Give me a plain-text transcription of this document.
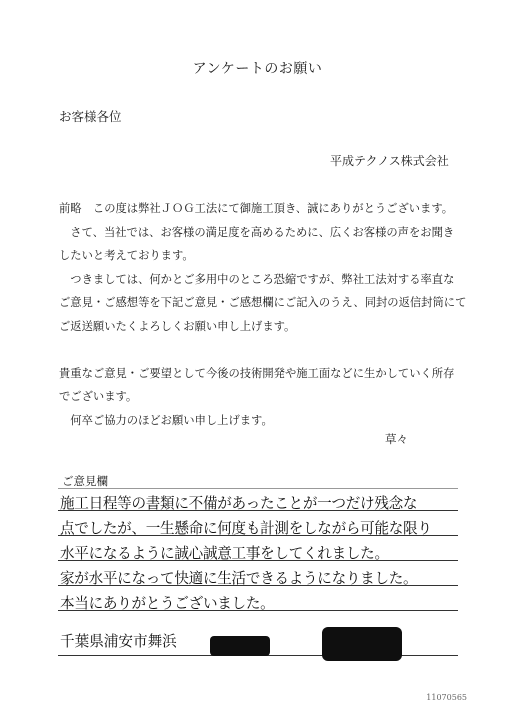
アンケートのお願い
お客様各位
平成テクノス株式会社

前略　この度は弊社ＪＯＧ工法にて御施工頂き、誠にありがとうございます。

　さて、当社では、お客様の満足度を高めるために、広くお客様の声をお聞き

したいと考えております。

　つきましては、何かとご多用中のところ恐縮ですが、弊社工法対する率直な

ご意見・ご感想等を下記ご意見・ご感想欄にご記入のうえ、同封の返信封筒にて

ご返送願いたくよろしくお願い申し上げます。

貴重なご意見・ご要望として今後の技術開発や施工面などに生かしていく所存

でございます。

　何卒ご協力のほどお願い申し上げます。

草々
ご意見欄
施工日程等の書類に不備があったことが一つだけ残念な
点でしたが、一生懸命に何度も計測をしながら可能な限り
水平になるように誠心誠意工事をしてくれました。
家が水平になって快適に生活できるようになりました。
本当にありがとうございました。
千葉県浦安市舞浜
11070565
